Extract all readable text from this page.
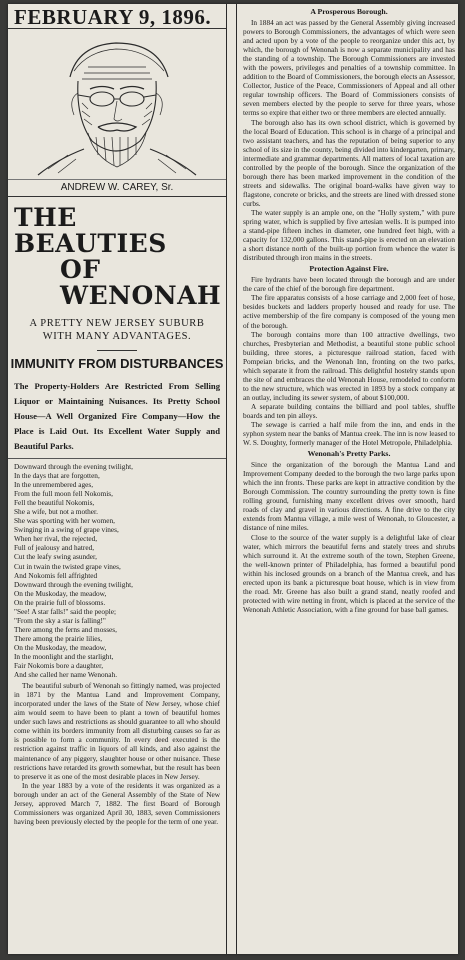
FEBRUARY 9, 1896.
ANDREW W. CAREY, Sr.
THE BEAUTIES
OF WENONAH
A PRETTY NEW JERSEY SUBURB WITH MANY ADVANTAGES.
IMMUNITY FROM DISTURBANCES
The Property-Holders Are Restricted From Selling Liquor or Maintaining Nuisances. Its Pretty School House—A Well Organized Fire Company—How the Place is Laid Out. Its Excellent Water Supply and Beautiful Parks.
Downward through the evening twilight,
In the days that are forgotten,
In the unremembered ages,
From the full moon fell Nokomis,
Fell the beautiful Nokomis,
She a wife, but not a mother.
She was sporting with her women,
Swinging in a swing of grape vines,
When her rival, the rejected,
Full of jealousy and hatred,
Cut the leafy swing asunder,
Cut in twain the twisted grape vines,
And Nokomis fell affrighted
Downward through the evening twilight,
On the Muskoday, the meadow,
On the prairie full of blossoms.
"See! A star falls!" said the people;
"From the sky a star is falling!"
There among the ferns and mosses,
There among the prairie lilies,
On the Muskoday, the meadow,
In the moonlight and the starlight,
Fair Nokomis bore a daughter,
And she called her name Wenonah.

The beautiful suburb of Wenonah so fittingly named, was projected in 1871 by the Mantua Land and Improvement Company, incorporated under the laws of the State of New Jersey, whose chief aim would seem to have been to plant a town of beautiful homes under such laws and restrictions as should guarantee to all who should come within its borders immunity from all disturbing causes so far as is possible to form a community. In every deed executed is the restriction against traffic in liquors of all kinds, and also against the maintenance of any piggery, slaughter house or other nuisance. These restrictions have retarded its growth somewhat, but the result has been to preserve it as one of the most desirable places in New Jersey.

In the year 1883 by a vote of the residents it was organized as a borough under an act of the General Assembly of the State of New Jersey, approved March 7, 1882. The first Board of Borough Commissioners was organized April 30, 1883, seven Commissioners having been previously elected by the people for the term of one year.

A Prosperous Borough.

In 1884 an act was passed by the General Assembly giving increased powers to Borough Commissioners, the advantages of which were seen and acted upon by a vote of the people to reorganize under this act, by which, the borough of Wenonah is now a separate municipality and has the standing of a township. The Borough Commissioners are invested with the powers, privileges and penalties of a township committee. In addition to the Board of Commissioners, the borough elects an Assessor, Collector, Justice of the Peace, Commissioners of Appeal and all other regular township officers. The Board of Commissioners consists of seven members elected by the people to serve for three years, whose terms so expire that either two or three members are elected annually.

The borough also has its own school district, which is governed by the local Board of Education. This school is in charge of a principal and two assistant teachers, and has the reputation of being superior to any school of its size in the county, being divided into kindergarten, primary, intermediate and grammar departments. All matters of local taxation are controlled by the people of the borough. Since the organization of the borough there has been marked improvement in the condition of the streets and sidewalks. The original board-walks have given way to flagstone, concrete or bricks, and the streets are lined with dressed stone curbs.

The water supply is an ample one, on the "Holly system," with pure spring water, which is supplied by five artesian wells. It is pumped into a stand-pipe fifteen inches in diameter, one hundred feet high, with a capacity for 132,000 gallons. This stand-pipe is erected on an elevation a short distance north of the built-up portion from whence the water is distributed through iron mains in the streets.

Protection Against Fire.

Fire hydrants have been located through the borough and are under the care of the chief of the borough fire department.

The fire apparatus consists of a hose carriage and 2,000 feet of hose, besides buckets and ladders properly housed and ready for use. The active membership of the fire company is composed of the young men of the borough.

The borough contains more than 100 attractive dwellings, two churches, Presbyterian and Methodist, a beautiful stone public school building, three stores, a picturesque railroad station, faced with Pompeian bricks, and the Wenonah Inn, fronting on the two parks, which separate it from the railroad. This delightful hostelry stands upon the site of and embraces the old Wenonah House, remodeled to conform to the new structure, which was erected in 1893 by a stock company at an outlay, including its sewer system, of about $100,000.

A separate building contains the billiard and pool tables, shuffle boards and ten pin alleys.

The sewage is carried a half mile from the inn, and ends in the syphon system near the banks of Mantua creek. The inn is now leased to W. S. Doughty, formerly manager of the Hotel Metropole, Philadelphia.

Wenonah's Pretty Parks.

Since the organization of the borough the Mantua Land and Improvement Company deeded to the borough the two large parks upon which the inn fronts. These parks are kept in attractive condition by the Borough Commission. The country surrounding the pretty town is fine rolling ground, furnishing many excellent drives over smooth, hard roads of clay and gravel in various directions. A fine drive to the city extends from Mantua village, a mile west of Wenonah, to Gloucester, a distance of nine miles.

Close to the source of the water supply is a delightful lake of clear water, which mirrors the beautiful ferns and stately trees and shrubs which surround it. At the extreme south of the town, Stephen Greene, the well-known printer of Philadelphia, has formed a beautiful pond within his inclosed grounds on a branch of the Mantua creek, and has erected upon its bank a picturesque boat house, which is in view from the road. Mr. Greene has also built a grand stand, neatly roofed and protected with wire netting in front, which is placed at the service of the Wenonah Athletic Association, with a fine ground for base ball games.
